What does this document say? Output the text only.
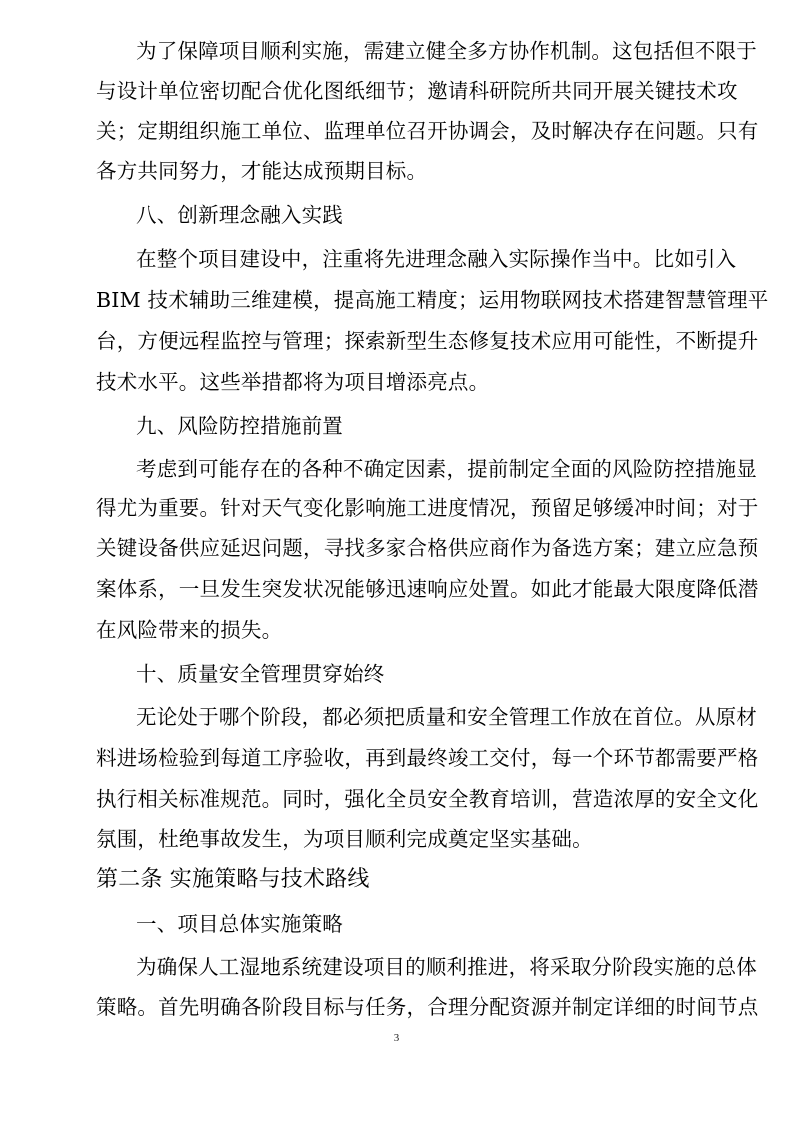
为了保障项目顺利实施，需建立健全多方协作机制。这包括但不限于
与设计单位密切配合优化图纸细节；邀请科研院所共同开展关键技术攻
关；定期组织施工单位、监理单位召开协调会，及时解决存在问题。只有
各方共同努力，才能达成预期目标。
八、创新理念融入实践
在整个项目建设中，注重将先进理念融入实际操作当中。比如引入
BIM 技术辅助三维建模，提高施工精度；运用物联网技术搭建智慧管理平
台，方便远程监控与管理；探索新型生态修复技术应用可能性，不断提升
技术水平。这些举措都将为项目增添亮点。
九、风险防控措施前置
考虑到可能存在的各种不确定因素，提前制定全面的风险防控措施显
得尤为重要。针对天气变化影响施工进度情况，预留足够缓冲时间；对于
关键设备供应延迟问题，寻找多家合格供应商作为备选方案；建立应急预
案体系，一旦发生突发状况能够迅速响应处置。如此才能最大限度降低潜
在风险带来的损失。
十、质量安全管理贯穿始终
无论处于哪个阶段，都必须把质量和安全管理工作放在首位。从原材
料进场检验到每道工序验收，再到最终竣工交付，每一个环节都需要严格
执行相关标准规范。同时，强化全员安全教育培训，营造浓厚的安全文化
氛围，杜绝事故发生，为项目顺利完成奠定坚实基础。
第二条 实施策略与技术路线
一、项目总体实施策略
为确保人工湿地系统建设项目的顺利推进，将采取分阶段实施的总体
策略。首先明确各阶段目标与任务，合理分配资源并制定详细的时间节点
3
